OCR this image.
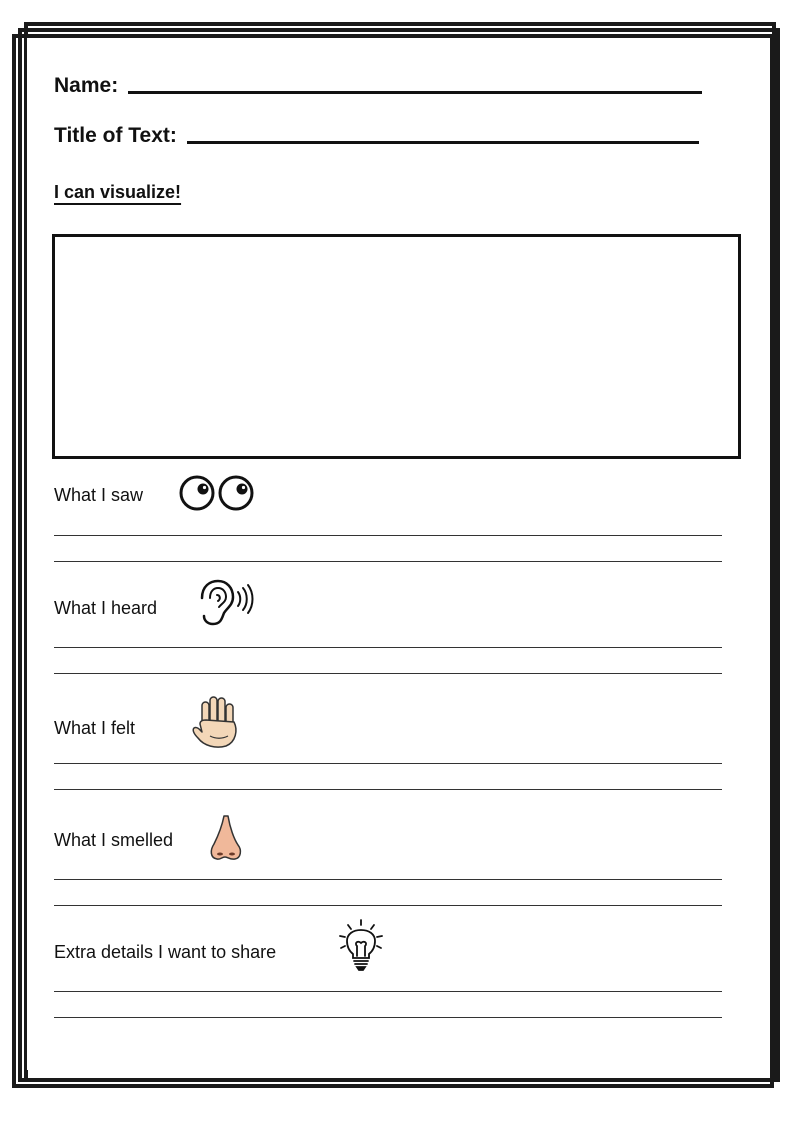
Name:
Title of Text:
I can visualize!
What I saw
What I heard
What I felt
What I smelled
Extra details I want to share
